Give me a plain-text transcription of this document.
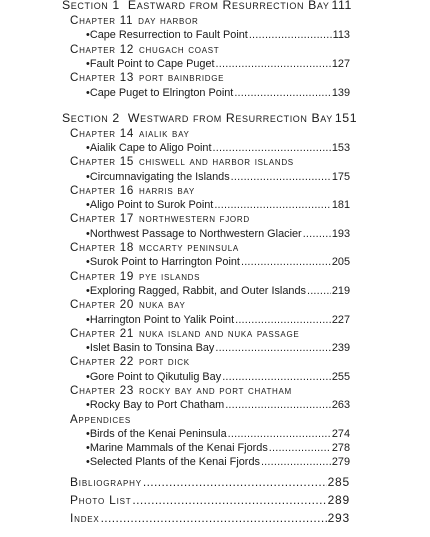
Section 1
Eastward from Resurrection Bay 111
Chapter 11 day harbor
• Cape Resurrection to Fault Point .....	113
Chapter 12 chugach coast
• Fault Point to Cape Puget .....	127
Chapter 13 port bainbridge
• Cape Puget to Elrington Point .....	139
Section 2
Westward from Resurrection Bay 151
Chapter 14 aialik bay
• Aialik Cape to Aligo Point .....	153
Chapter 15 chiswell and harbor islands
• Circumnavigating the Islands .....	175
Chapter 16 harris bay
• Aligo Point to Surok Point .....	181
Chapter 17 northwestern fjord
• Northwest Passage to Northwestern Glacier .....	193
Chapter 18 mccarty peninsula
• Surok Point to Harrington Point .....	205
Chapter 19 pye islands
• Exploring Ragged, Rabbit, and Outer Islands ..... 219
Chapter 20 nuka bay
• Harrington Point to Yalik Point .....	227
Chapter 21 nuka island and nuka passage
• Islet Basin to Tonsina Bay .....	239
Chapter 22 port dick
• Gore Point to Qikutulig Bay .....	255
Chapter 23 rocky bay and port chatham
• Rocky Bay to Port Chatham .....	263
Appendices
• Birds of the Kenai Peninsula .....	274
• Marine Mammals of the Kenai Fjords .....	278
• Selected Plants of the Kenai Fjords .....	279
Bibliography .....	285
Photo List .....	289
Index .....	293
